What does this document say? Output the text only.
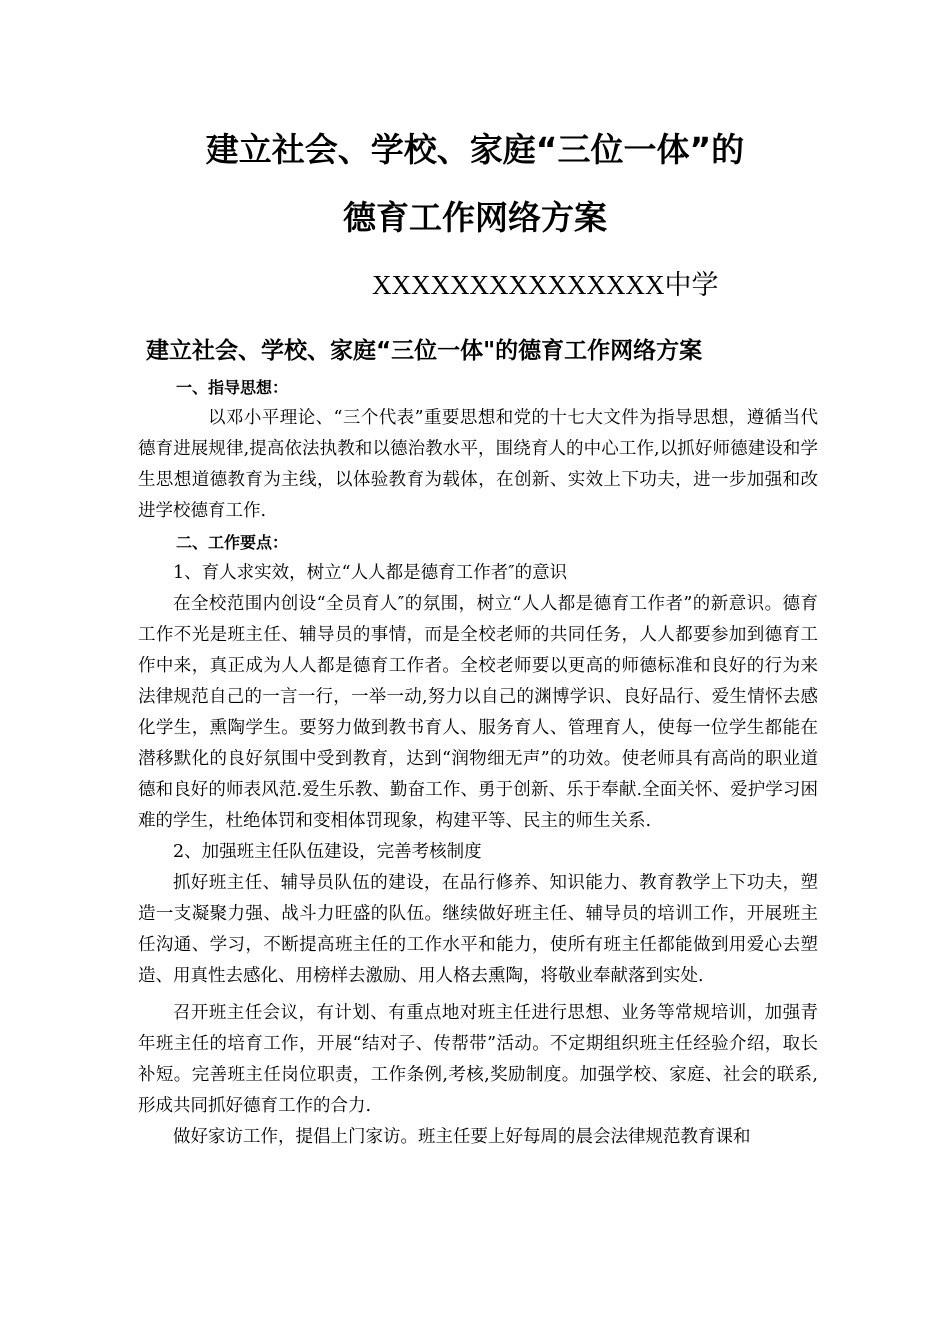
建立社会、学校、家庭“三位一体”的
德育工作网络方案
XXXXXXXXXXXXXXX中学
建立社会、学校、家庭“三位一体"的德育工作网络方案

一、指导思想：

以邓小平理论、“三个代表”重要思想和党的十七大文件为指导思想，遵循当代德育进展规律,提高依法执教和以德治教水平，围绕育人的中心工作,以抓好师德建设和学生思想道德教育为主线，以体验教育为载体，在创新、实效上下功夫，进一步加强和改进学校德育工作.

二、工作要点：

1、育人求实效，树立“人人都是德育工作者″的意识

在全校范围内创设“全员育人″的氛围，树立“人人都是德育工作者”的新意识。德育工作不光是班主任、辅导员的事情，而是全校老师的共同任务，人人都要参加到德育工作中来，真正成为人人都是德育工作者。全校老师要以更高的师德标准和良好的行为来法律规范自己的一言一行，一举一动,努力以自己的渊博学识、良好品行、爱生情怀去感化学生，熏陶学生。要努力做到教书育人、服务育人、管理育人，使每一位学生都能在潜移默化的良好氛围中受到教育，达到“润物细无声”的功效。使老师具有高尚的职业道德和良好的师表风范.爱生乐教、勤奋工作、勇于创新、乐于奉献.全面关怀、爱护学习困难的学生，杜绝体罚和变相体罚现象，构建平等、民主的师生关系.

2、加强班主任队伍建设，完善考核制度

抓好班主任、辅导员队伍的建设，在品行修养、知识能力、教育教学上下功夫，塑造一支凝聚力强、战斗力旺盛的队伍。继续做好班主任、辅导员的培训工作，开展班主任沟通、学习，不断提高班主任的工作水平和能力，使所有班主任都能做到用爱心去塑造、用真性去感化、用榜样去激励、用人格去熏陶，将敬业奉献落到实处.

召开班主任会议，有计划、有重点地对班主任进行思想、业务等常规培训，加强青年班主任的培育工作，开展“结对子、传帮带”活动。不定期组织班主任经验介绍，取长补短。完善班主任岗位职责，工作条例,考核,奖励制度。加强学校、家庭、社会的联系,形成共同抓好德育工作的合力.

做好家访工作，提倡上门家访。班主任要上好每周的晨会法律规范教育课和
